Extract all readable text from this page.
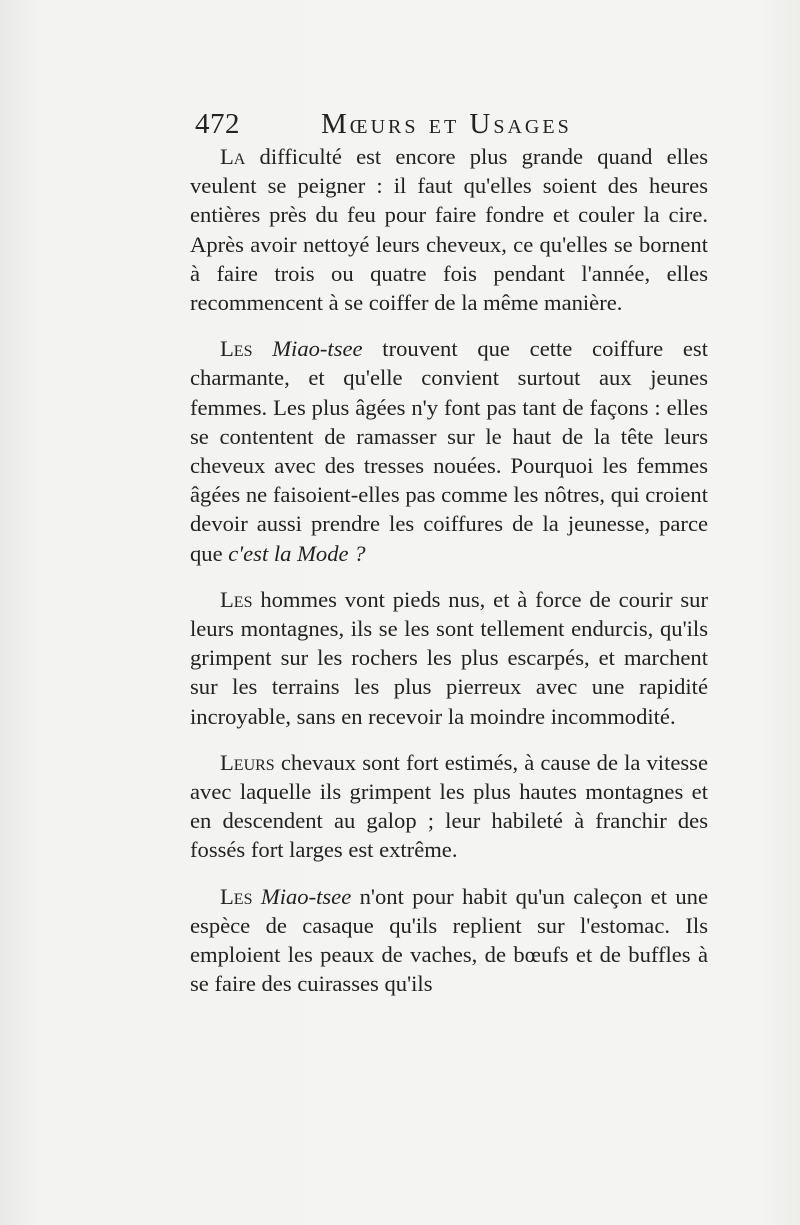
472	Mœurs et Usages

La difficulté est encore plus grande quand elles veulent se peigner : il faut qu'elles soient des heures entières près du feu pour faire fondre et couler la cire. Après avoir nettoyé leurs cheveux, ce qu'elles se bornent à faire trois ou quatre fois pendant l'année, elles recommencent à se coiffer de la même manière.

Les Miao-tsee trouvent que cette coiffure est charmante, et qu'elle convient surtout aux jeunes femmes. Les plus âgées n'y font pas tant de façons : elles se contentent de ramasser sur le haut de la tête leurs cheveux avec des tresses nouées. Pourquoi les femmes âgées ne faisoient-elles pas comme les nôtres, qui croient devoir aussi prendre les coiffures de la jeunesse, parce que c'est la Mode ?

Les hommes vont pieds nus, et à force de courir sur leurs montagnes, ils se les sont tellement endurcis, qu'ils grimpent sur les rochers les plus escarpés, et marchent sur les terrains les plus pierreux avec une rapidité incroyable, sans en recevoir la moindre incommodité.

Leurs chevaux sont fort estimés, à cause de la vitesse avec laquelle ils grimpent les plus hautes montagnes et en descendent au galop ; leur habileté à franchir des fossés fort larges est extrême.

Les Miao-tsee n'ont pour habit qu'un caleçon et une espèce de casaque qu'ils replient sur l'estomac. Ils emploient les peaux de vaches, de bœufs et de buffles à se faire des cuirasses qu'ils
